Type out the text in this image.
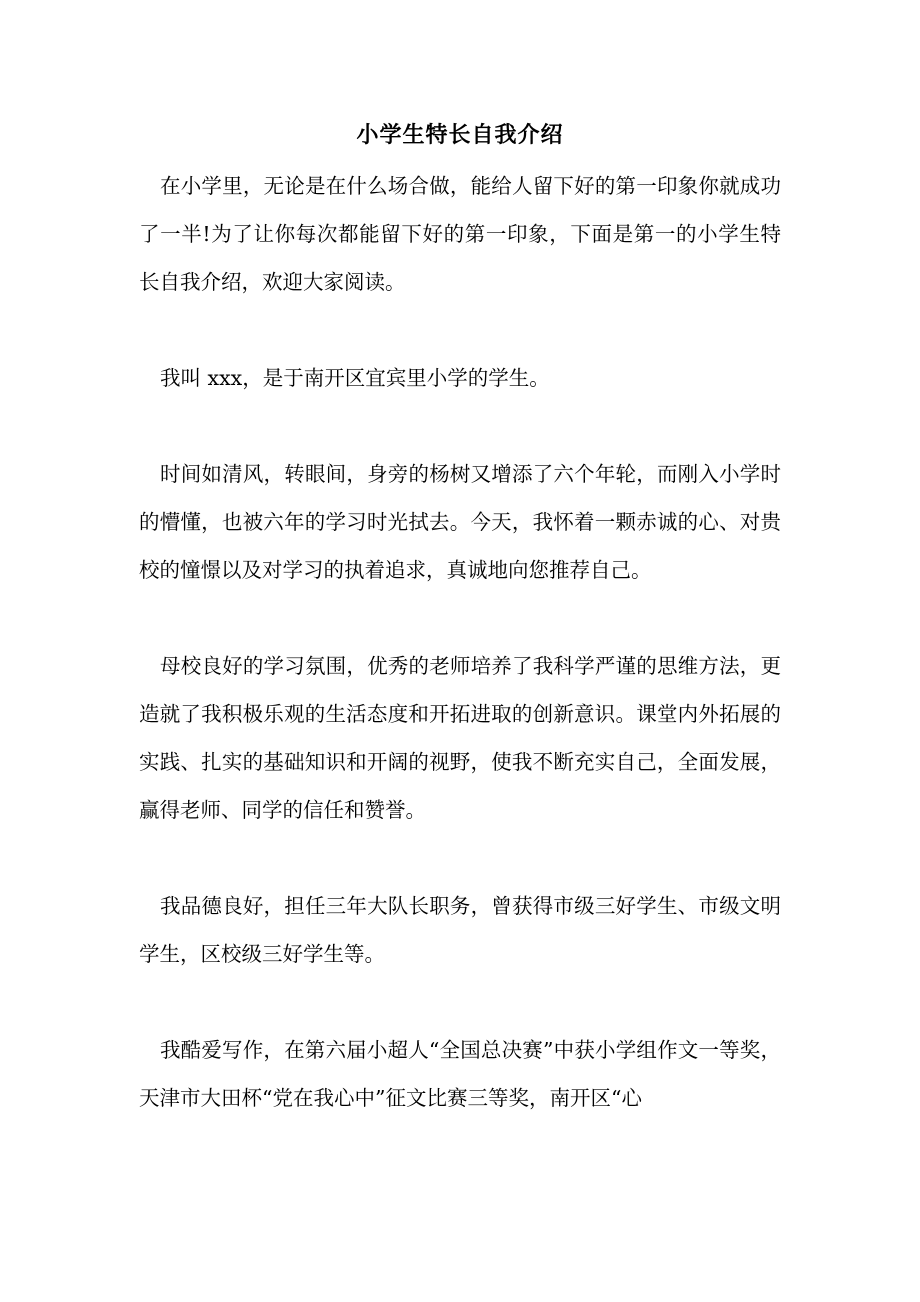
小学生特长自我介绍

在小学里，无论是在什么场合做，能给人留下好的第一印象你就成功了一半!为了让你每次都能留下好的第一印象，下面是第一的小学生特长自我介绍，欢迎大家阅读。

我叫 xxx，是于南开区宜宾里小学的学生。

时间如清风，转眼间，身旁的杨树又增添了六个年轮，而刚入小学时的懵懂，也被六年的学习时光拭去。今天，我怀着一颗赤诚的心、对贵校的憧憬以及对学习的执着追求，真诚地向您推荐自己。

母校良好的学习氛围，优秀的老师培养了我科学严谨的思维方法，更造就了我积极乐观的生活态度和开拓进取的创新意识。课堂内外拓展的实践、扎实的基础知识和开阔的视野，使我不断充实自己，全面发展，赢得老师、同学的信任和赞誉。

我品德良好，担任三年大队长职务，曾获得市级三好学生、市级文明学生，区校级三好学生等。

我酷爱写作，在第六届小超人“全国总决赛”中获小学组作文一等奖，天津市大田杯“党在我心中”征文比赛三等奖，南开区“心
